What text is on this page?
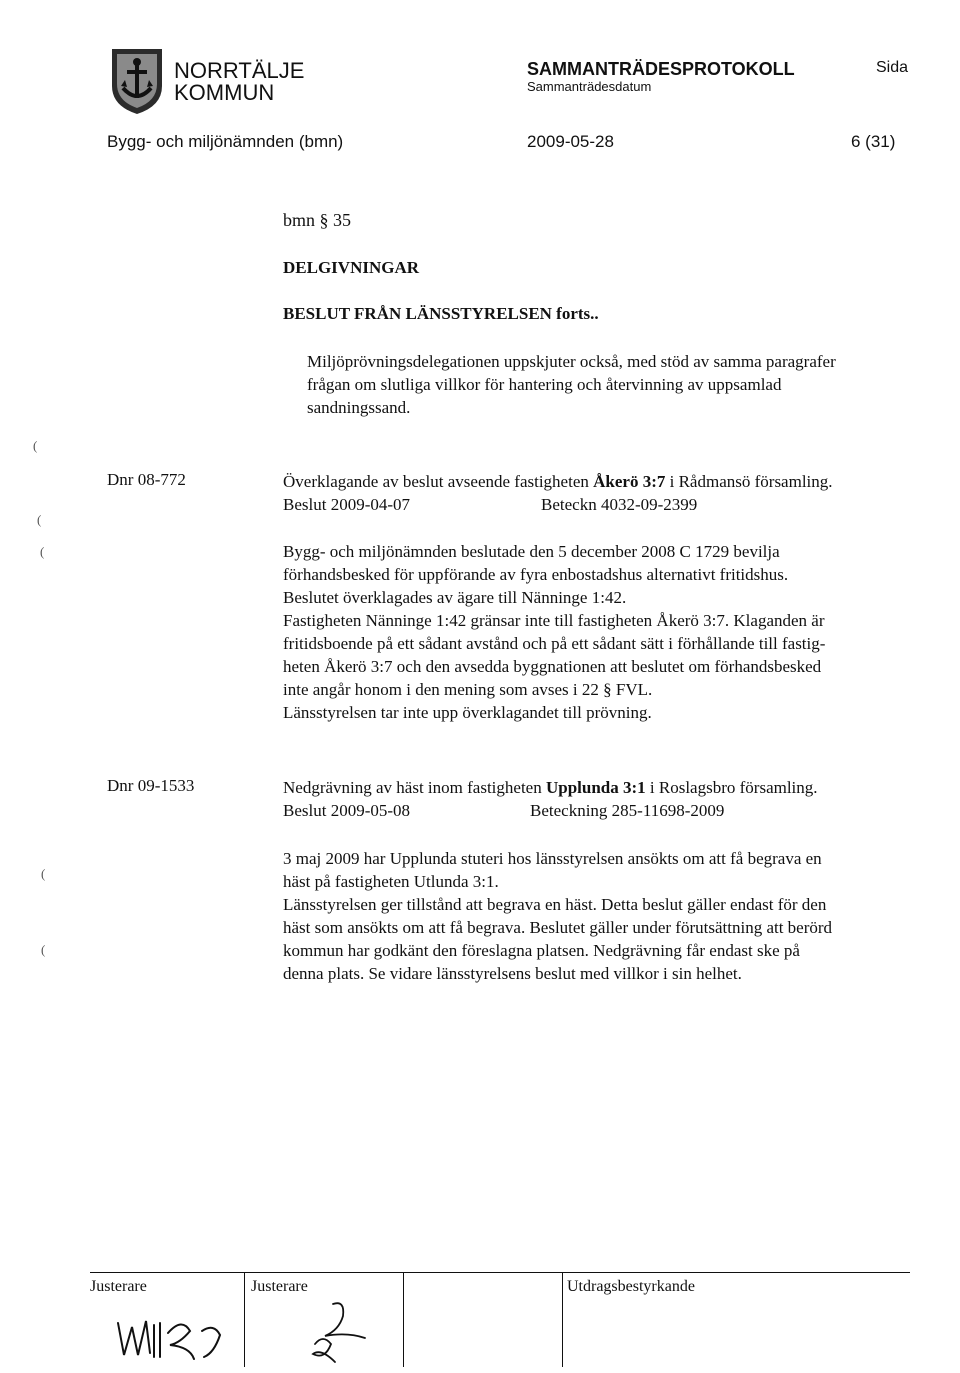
NORRTÄLJE
KOMMUN
SAMMANTRÄDESPROTOKOLL
Sammanträdesdatum
Sida
Bygg- och miljönämnden (bmn)	2009-05-28	6 (31)
bmn § 35
DELGIVNINGAR
BESLUT FRÅN LÄNSSTYRELSEN forts..
Miljöprövningsdelegationen uppskjuter också, med stöd av samma paragrafer
frågan om slutliga villkor för hantering och återvinning av uppsamlad
sandningssand.
Dnr 08-772	Överklagande av beslut avseende fastigheten Åkerö 3:7 i Rådmansö församling.
Beslut 2009-04-07	Beteckn 4032-09-2399
Bygg- och miljönämnden beslutade den 5 december 2008 C 1729 bevilja
förhandsbesked för uppförande av fyra enbostadshus alternativt fritidshus.
Beslutet överklagades av ägare till Nänninge 1:42.
Fastigheten Nänninge 1:42 gränsar inte till fastigheten Åkerö 3:7. Klaganden är
fritidsboende på ett sådant avstånd och på ett sådant sätt i förhållande till fastig-
heten Åkerö 3:7 och den avsedda byggnationen att beslutet om förhandsbesked
inte angår honom i den mening som avses i 22 § FVL.
Länsstyrelsen tar inte upp överklagandet till prövning.
Dnr 09-1533	Nedgrävning av häst inom fastigheten Upplunda 3:1 i Roslagsbro församling.
Beslut 2009-05-08	Beteckning 285-11698-2009
3 maj 2009 har Upplunda stuteri hos länsstyrelsen ansökts om att få begrava en
häst på fastigheten Utlunda 3:1.
Länsstyrelsen ger tillstånd att begrava en häst. Detta beslut gäller endast för den
häst som ansökts om att få begrava. Beslutet gäller under förutsättning att berörd
kommun har godkänt den föreslagna platsen. Nedgrävning får endast ske på
denna plats. Se vidare länsstyrelsens beslut med villkor i sin helhet.
(
(
(
(
(
Justerare	Justerare	Utdragsbestyrkande
